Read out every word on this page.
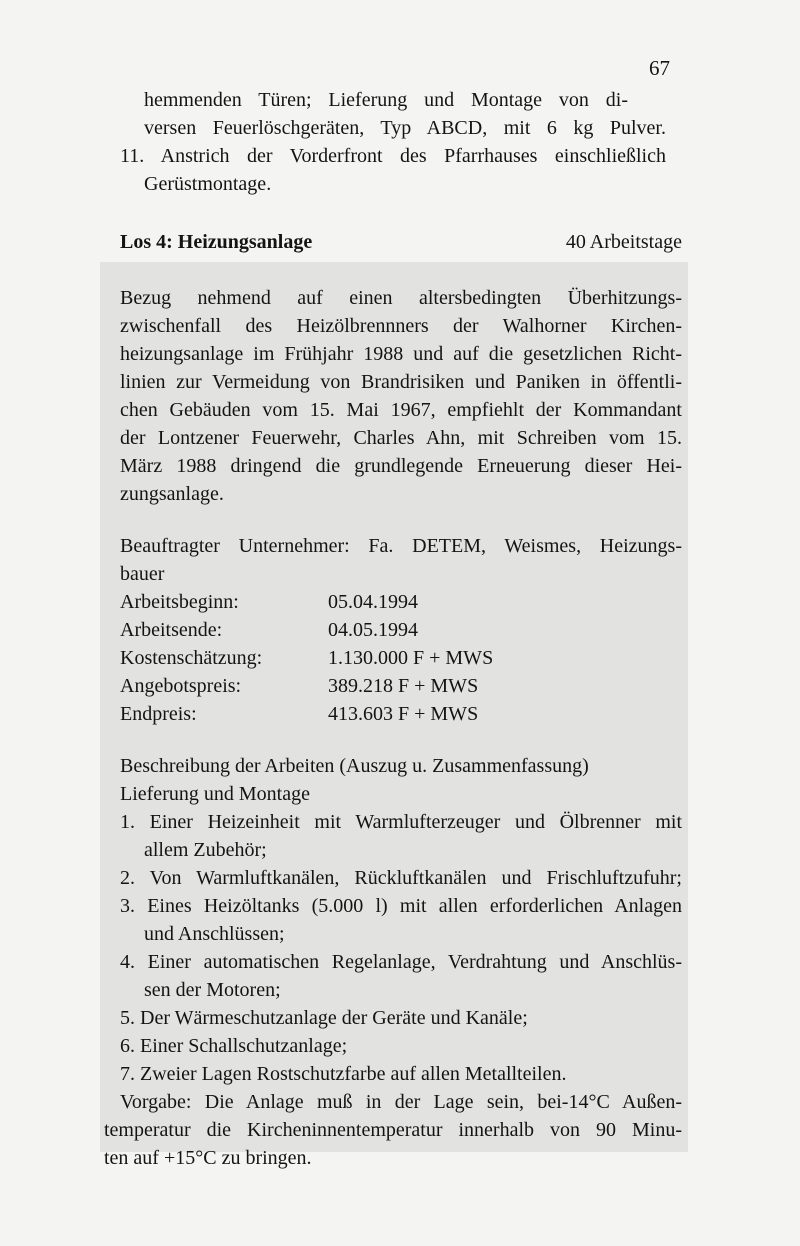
67
hemmenden Türen; Lieferung und Montage von di-
versen Feuerlöschgeräten, Typ ABCD, mit 6 kg Pulver.
11. Anstrich der Vorderfront des Pfarrhauses einschließlich
Gerüstmontage.
Los 4: Heizungsanlage	40 Arbeitstage
Bezug nehmend auf einen altersbedingten Überhitzungs-
zwischenfall des Heizölbrennners der Walhorner Kirchen-
heizungsanlage im Frühjahr 1988 und auf die gesetzlichen Richt-
linien zur Vermeidung von Brandrisiken und Paniken in öffentli-
chen Gebäuden vom 15. Mai 1967, empfiehlt der Kommandant
der Lontzener Feuerwehr, Charles Ahn, mit Schreiben vom 15.
März 1988 dringend die grundlegende Erneuerung dieser Hei-
zungsanlage.
Beauftragter Unternehmer: Fa. DETEM, Weismes, Heizungs-
bauer
Arbeitsbeginn:	05.04.1994
Arbeitsende:	04.05.1994
Kostenschätzung:	1.130.000 F + MWS
Angebotspreis:	389.218 F + MWS
Endpreis:	413.603 F + MWS
Beschreibung der Arbeiten (Auszug u. Zusammenfassung)
Lieferung und Montage
1. Einer Heizeinheit mit Warmlufterzeuger und Ölbrenner mit
allem Zubehör;
2. Von Warmluftkanälen, Rückluftkanälen und Frischluftzufuhr;
3. Eines Heizöltanks (5.000 l) mit allen erforderlichen Anlagen
und Anschlüssen;
4. Einer automatischen Regelanlage, Verdrahtung und Anschlüs-
sen der Motoren;
5. Der Wärmeschutzanlage der Geräte und Kanäle;
6. Einer Schallschutzanlage;
7. Zweier Lagen Rostschutzfarbe auf allen Metallteilen.
Vorgabe: Die Anlage muß in der Lage sein, bei-14°C Außen-
temperatur die Kircheninnentemperatur innerhalb von 90 Minu-
ten auf +15°C zu bringen.
